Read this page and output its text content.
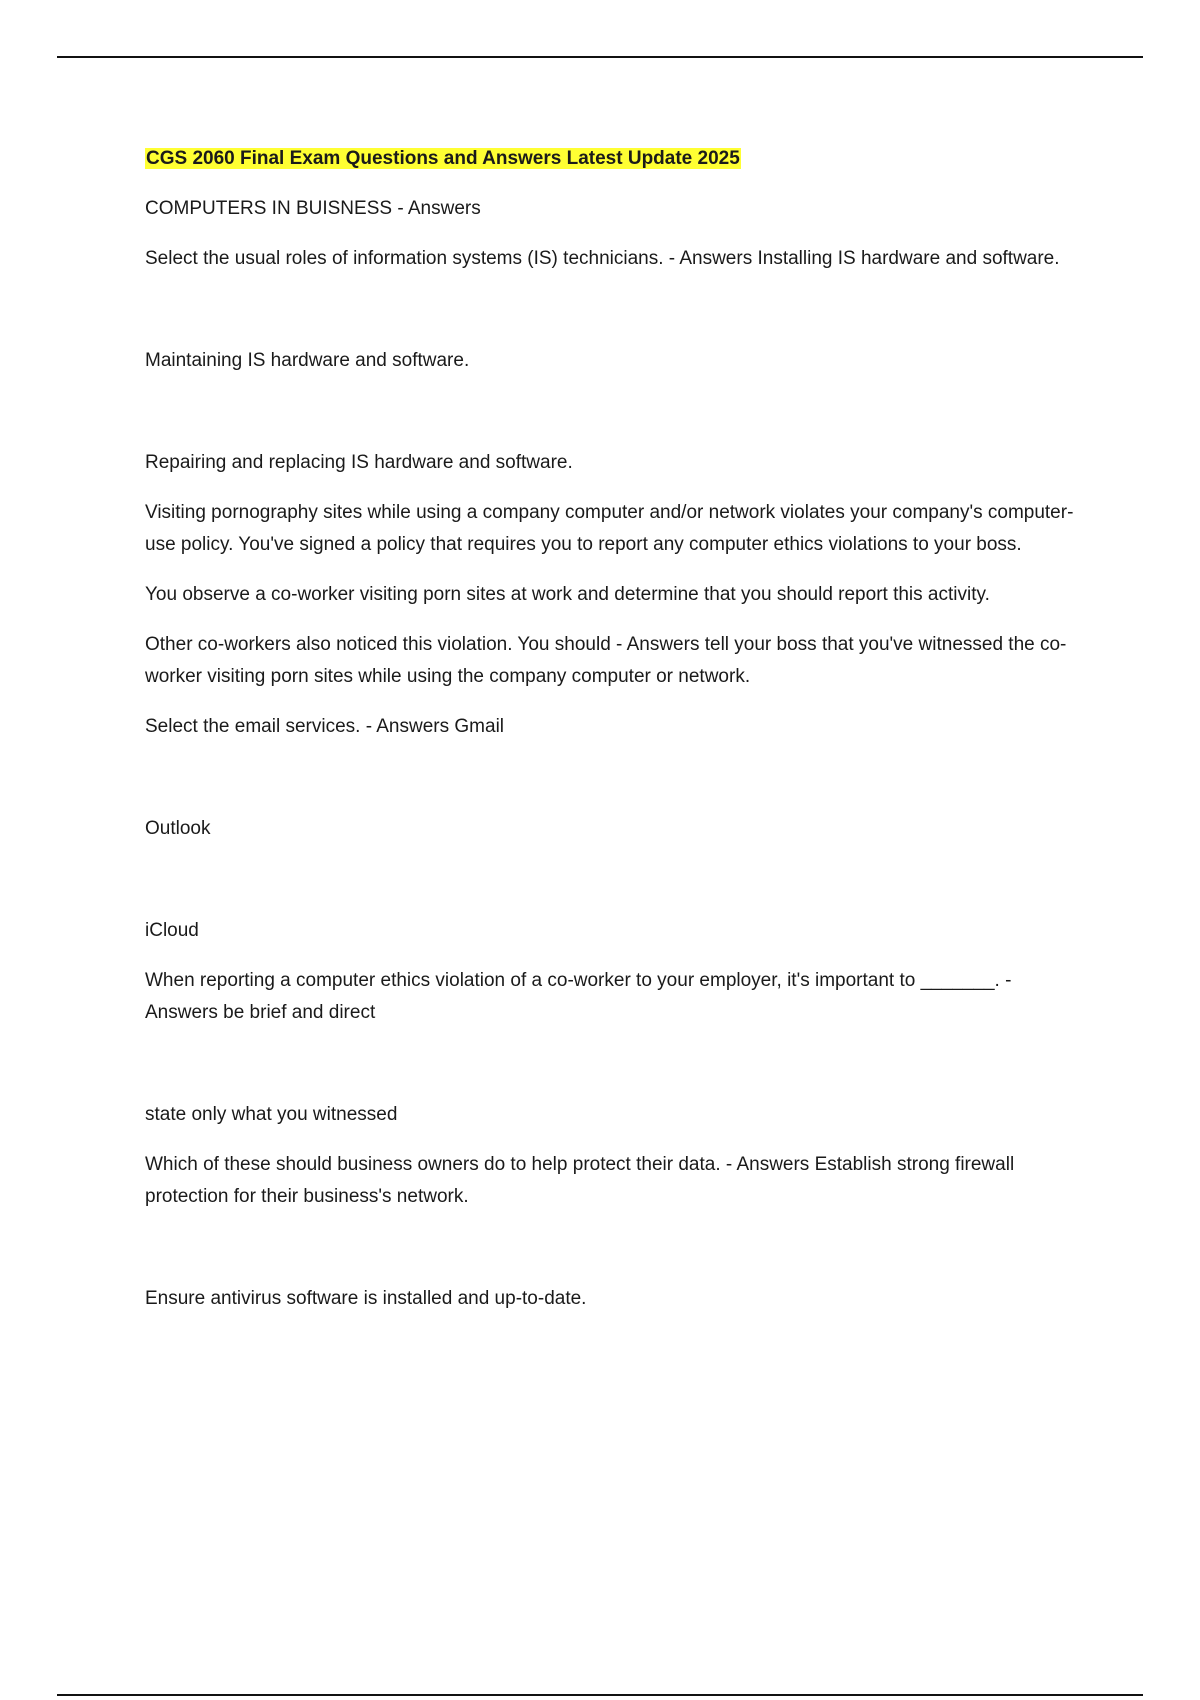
CGS 2060 Final Exam Questions and Answers Latest Update 2025

COMPUTERS IN BUISNESS - Answers

Select the usual roles of information systems (IS) technicians. - Answers Installing IS hardware and software.

Maintaining IS hardware and software.

Repairing and replacing IS hardware and software.

Visiting pornography sites while using a company computer and/or network violates your company's computer-use policy. You've signed a policy that requires you to report any computer ethics violations to your boss.

You observe a co-worker visiting porn sites at work and determine that you should report this activity.

Other co-workers also noticed this violation. You should - Answers tell your boss that you've witnessed the co-worker visiting porn sites while using the company computer or network.

Select the email services. - Answers Gmail

Outlook

iCloud

When reporting a computer ethics violation of a co-worker to your employer, it's important to _______. - Answers be brief and direct

state only what you witnessed

Which of these should business owners do to help protect their data. - Answers Establish strong firewall protection for their business's network.

Ensure antivirus software is installed and up-to-date.
